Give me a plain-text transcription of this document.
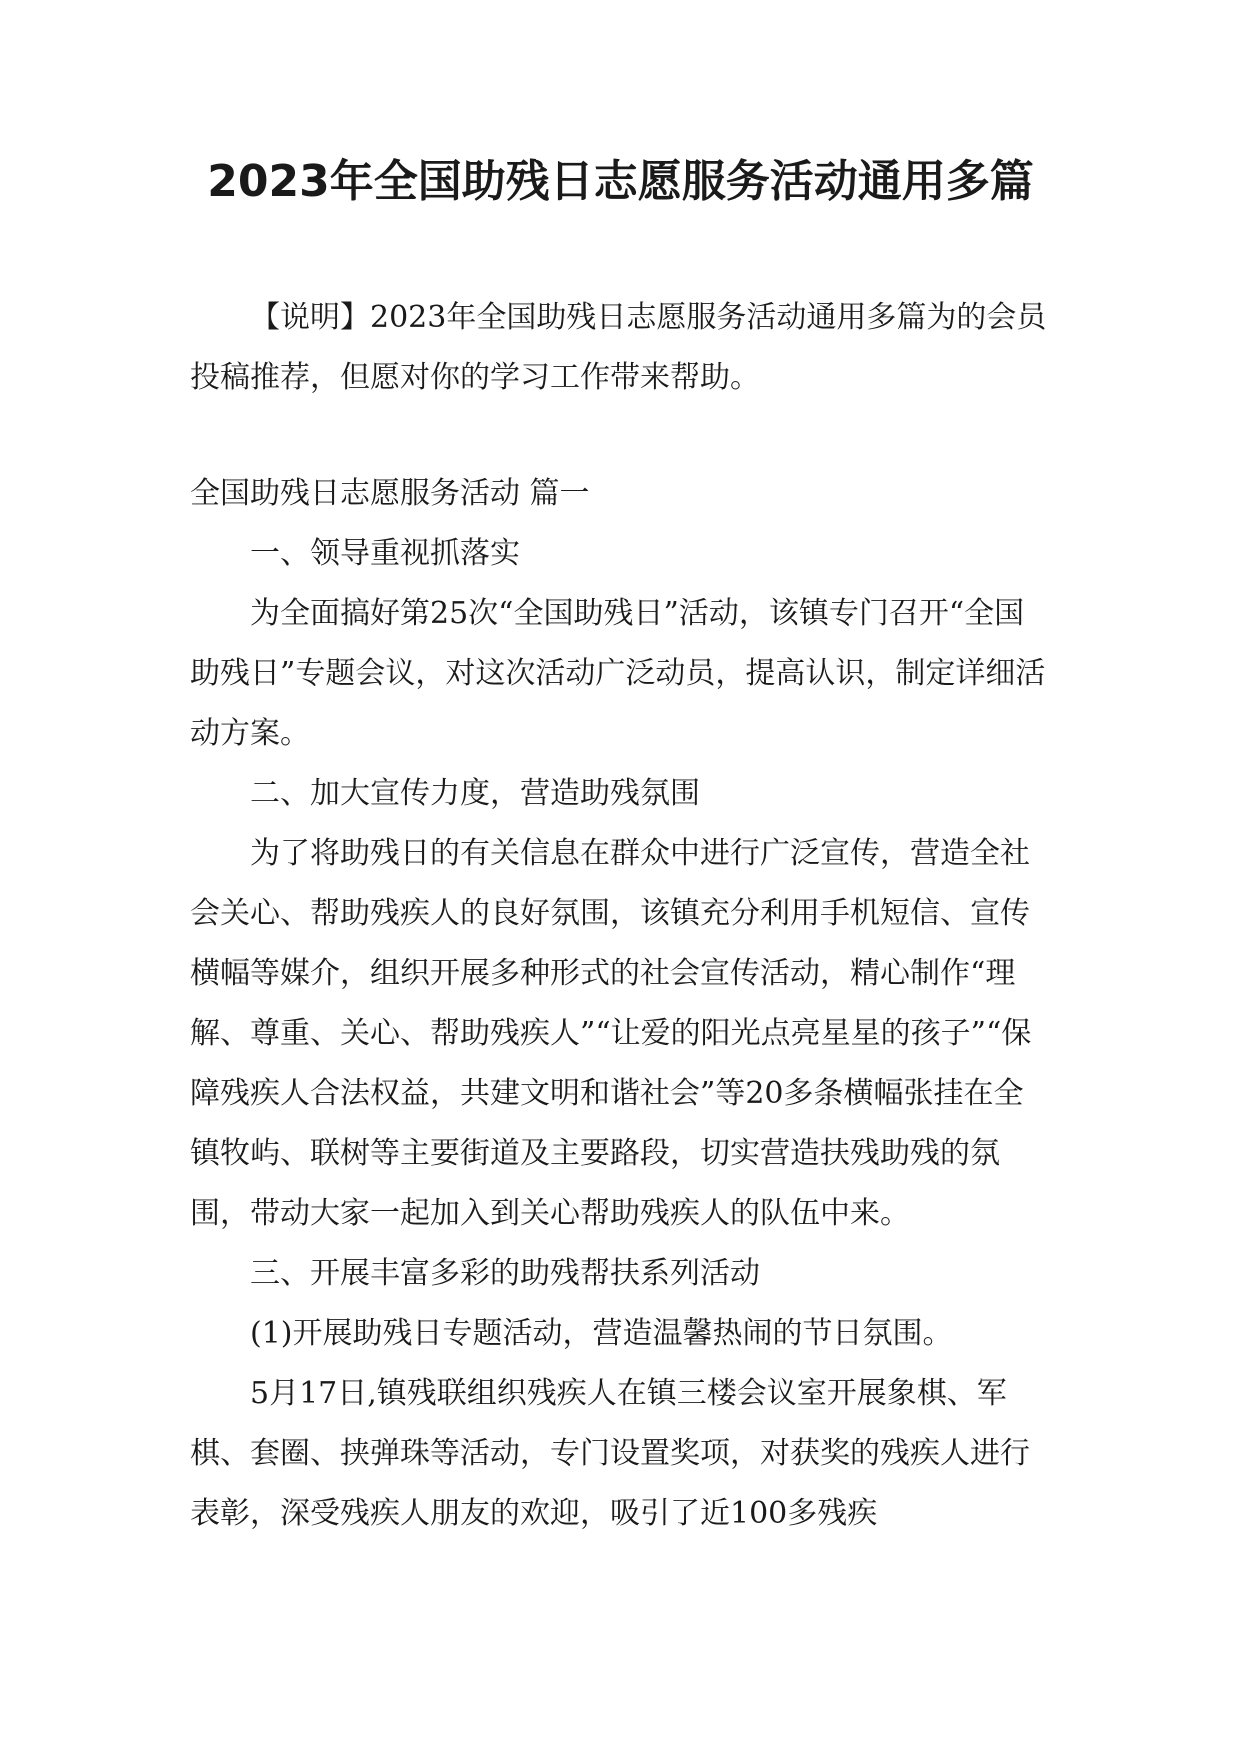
2023年全国助残日志愿服务活动通用多篇

【说明】2023年全国助残日志愿服务活动通用多篇为的会员投稿推荐，但愿对你的学习工作带来帮助。

全国助残日志愿服务活动 篇一

一、领导重视抓落实

为全面搞好第25次“全国助残日”活动，该镇专门召开“全国助残日”专题会议，对这次活动广泛动员，提高认识，制定详细活动方案。

二、加大宣传力度，营造助残氛围

为了将助残日的有关信息在群众中进行广泛宣传，营造全社会关心、帮助残疾人的良好氛围，该镇充分利用手机短信、宣传横幅等媒介，组织开展多种形式的社会宣传活动，精心制作“理解、尊重、关心、帮助残疾人”“让爱的阳光点亮星星的孩子”“保障残疾人合法权益，共建文明和谐社会”等20多条横幅张挂在全镇牧屿、联树等主要街道及主要路段，切实营造扶残助残的氛围，带动大家一起加入到关心帮助残疾人的队伍中来。

三、开展丰富多彩的助残帮扶系列活动

(1)开展助残日专题活动，营造温馨热闹的节日氛围。

5月17日,镇残联组织残疾人在镇三楼会议室开展象棋、军棋、套圈、挟弹珠等活动，专门设置奖项，对获奖的残疾人进行表彰，深受残疾人朋友的欢迎，吸引了近100多残疾
